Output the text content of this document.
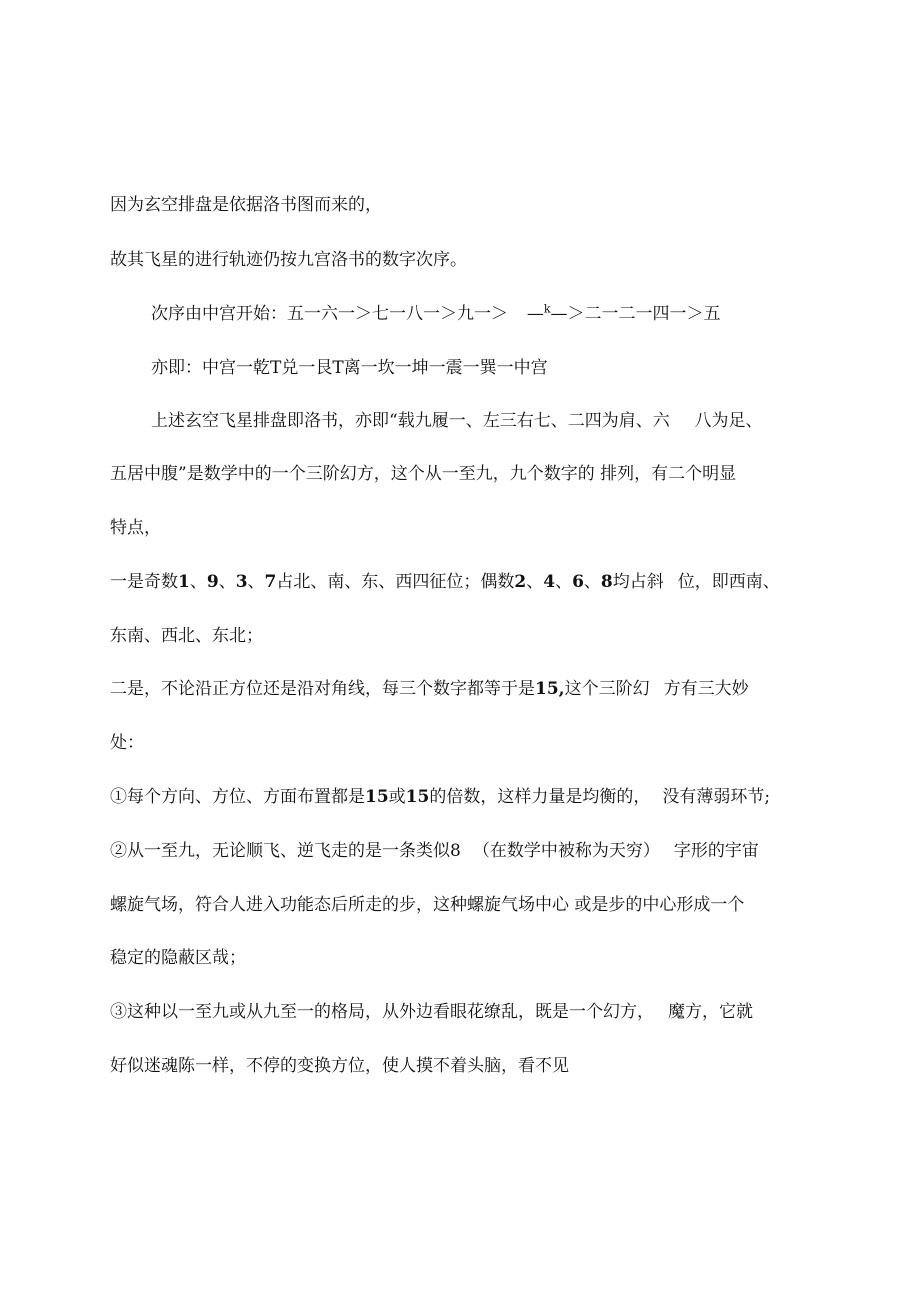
因为玄空排盘是依据洛书图而来的，
故其飞星的进行轨迹仍按九宫洛书的数字次序。
次序由中宫开始：五一六一＞七一八一＞九一＞ —$^k$—＞二一二一四一＞五
亦即：中宫一乾T兑一艮T离一坎一坤一震一巽一中宫
上述玄空飞星排盘即洛书，亦即“载九履一、左三右七、二四为肩、六 八为足、
五居中腹”是数学中的一个三阶幻方，这个从一至九，九个数字的 排列，有二个明显
特点，
一是奇数1、9、3、7占北、南、东、西四征位；偶数2、4、6、8均占斜 位，即西南、
东南、西北、东北；
二是，不论沿正方位还是沿对角线，每三个数字都等于是15,这个三阶幻 方有三大妙
处：
①每个方向、方位、方面布置都是15或15的倍数，这样力量是均衡的， 没有薄弱环节;
②从一至九，无论顺飞、逆飞走的是一条类似8 （在数学中被称为天穷） 字形的宇宙
螺旋气场，符合人进入功能态后所走的步，这种螺旋气场中心 或是步的中心形成一个
稳定的隐蔽区哉；
③这种以一至九或从九至一的格局，从外边看眼花缭乱，既是一个幻方， 魔方，它就
好似迷魂陈一样，不停的变换方位，使人摸不着头脑，看不见
